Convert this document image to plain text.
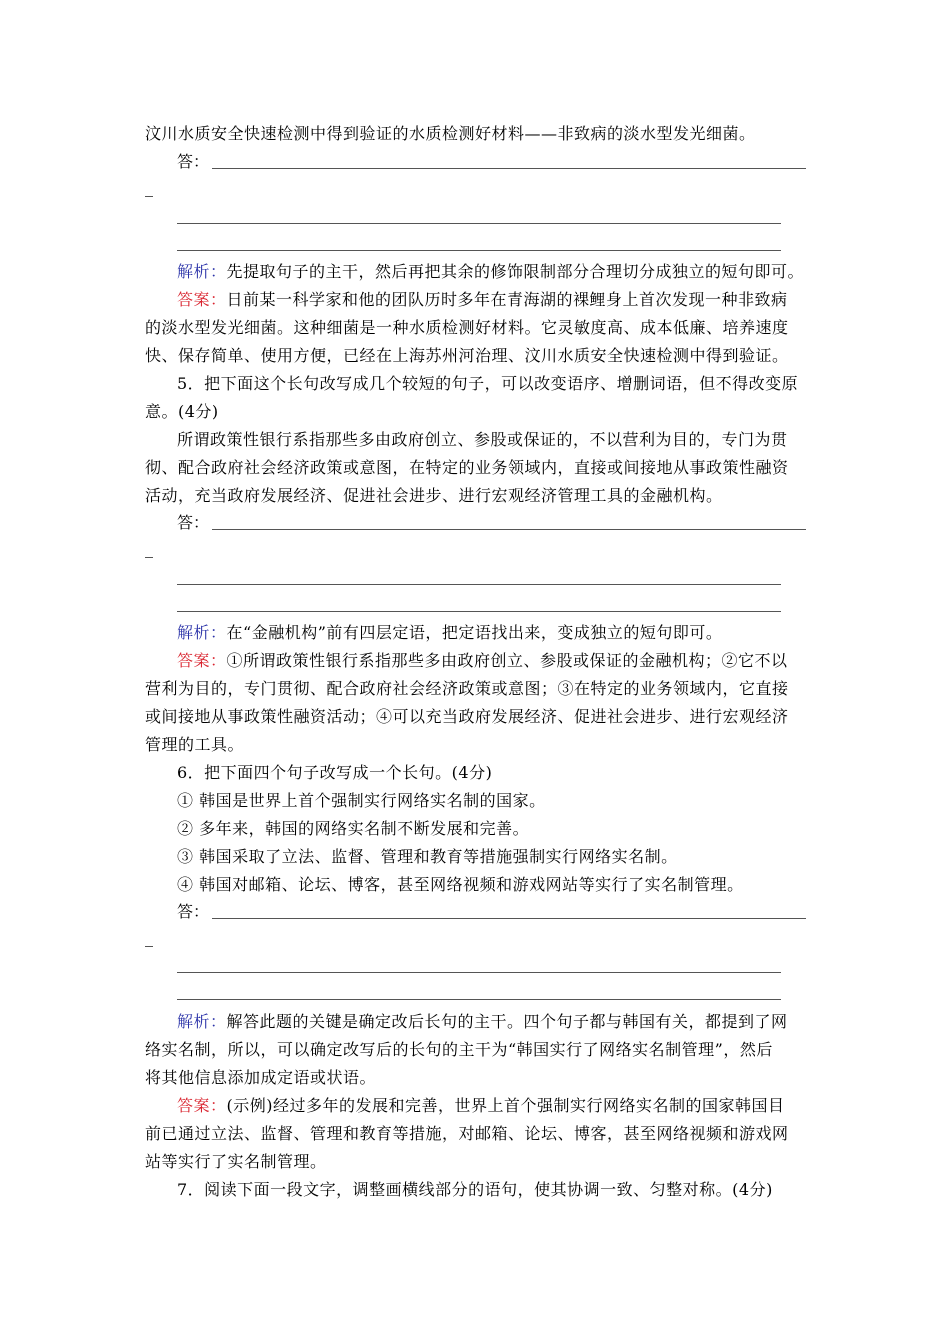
汶川水质安全快速检测中得到验证的水质检测好材料——非致病的淡水型发光细菌。
答：
解析：先提取句子的主干，然后再把其余的修饰限制部分合理切分成独立的短句即可。
答案：日前某一科学家和他的团队历时多年在青海湖的裸鲤身上首次发现一种非致病
的淡水型发光细菌。这种细菌是一种水质检测好材料。它灵敏度高、成本低廉、培养速度
快、保存简单、使用方便，已经在上海苏州河治理、汶川水质安全快速检测中得到验证。
5．把下面这个长句改写成几个较短的句子，可以改变语序、增删词语，但不得改变原
意。(4分)
所谓政策性银行系指那些多由政府创立、参股或保证的，不以营利为目的，专门为贯
彻、配合政府社会经济政策或意图，在特定的业务领域内，直接或间接地从事政策性融资
活动，充当政府发展经济、促进社会进步、进行宏观经济管理工具的金融机构。
答：
解析：在“金融机构”前有四层定语，把定语找出来，变成独立的短句即可。
答案：①所谓政策性银行系指那些多由政府创立、参股或保证的金融机构；②它不以
营利为目的，专门贯彻、配合政府社会经济政策或意图；③在特定的业务领域内，它直接
或间接地从事政策性融资活动；④可以充当政府发展经济、促进社会进步、进行宏观经济
管理的工具。
6．把下面四个句子改写成一个长句。(4分)
① 韩国是世界上首个强制实行网络实名制的国家。
② 多年来，韩国的网络实名制不断发展和完善。
③ 韩国采取了立法、监督、管理和教育等措施强制实行网络实名制。
④ 韩国对邮箱、论坛、博客，甚至网络视频和游戏网站等实行了实名制管理。
答：
解析：解答此题的关键是确定改后长句的主干。四个句子都与韩国有关，都提到了网
络实名制，所以，可以确定改写后的长句的主干为“韩国实行了网络实名制管理”，然后
将其他信息添加成定语或状语。
答案：(示例)经过多年的发展和完善，世界上首个强制实行网络实名制的国家韩国目
前已通过立法、监督、管理和教育等措施，对邮箱、论坛、博客，甚至网络视频和游戏网
站等实行了实名制管理。
7．阅读下面一段文字，调整画横线部分的语句，使其协调一致、匀整对称。(4分)
